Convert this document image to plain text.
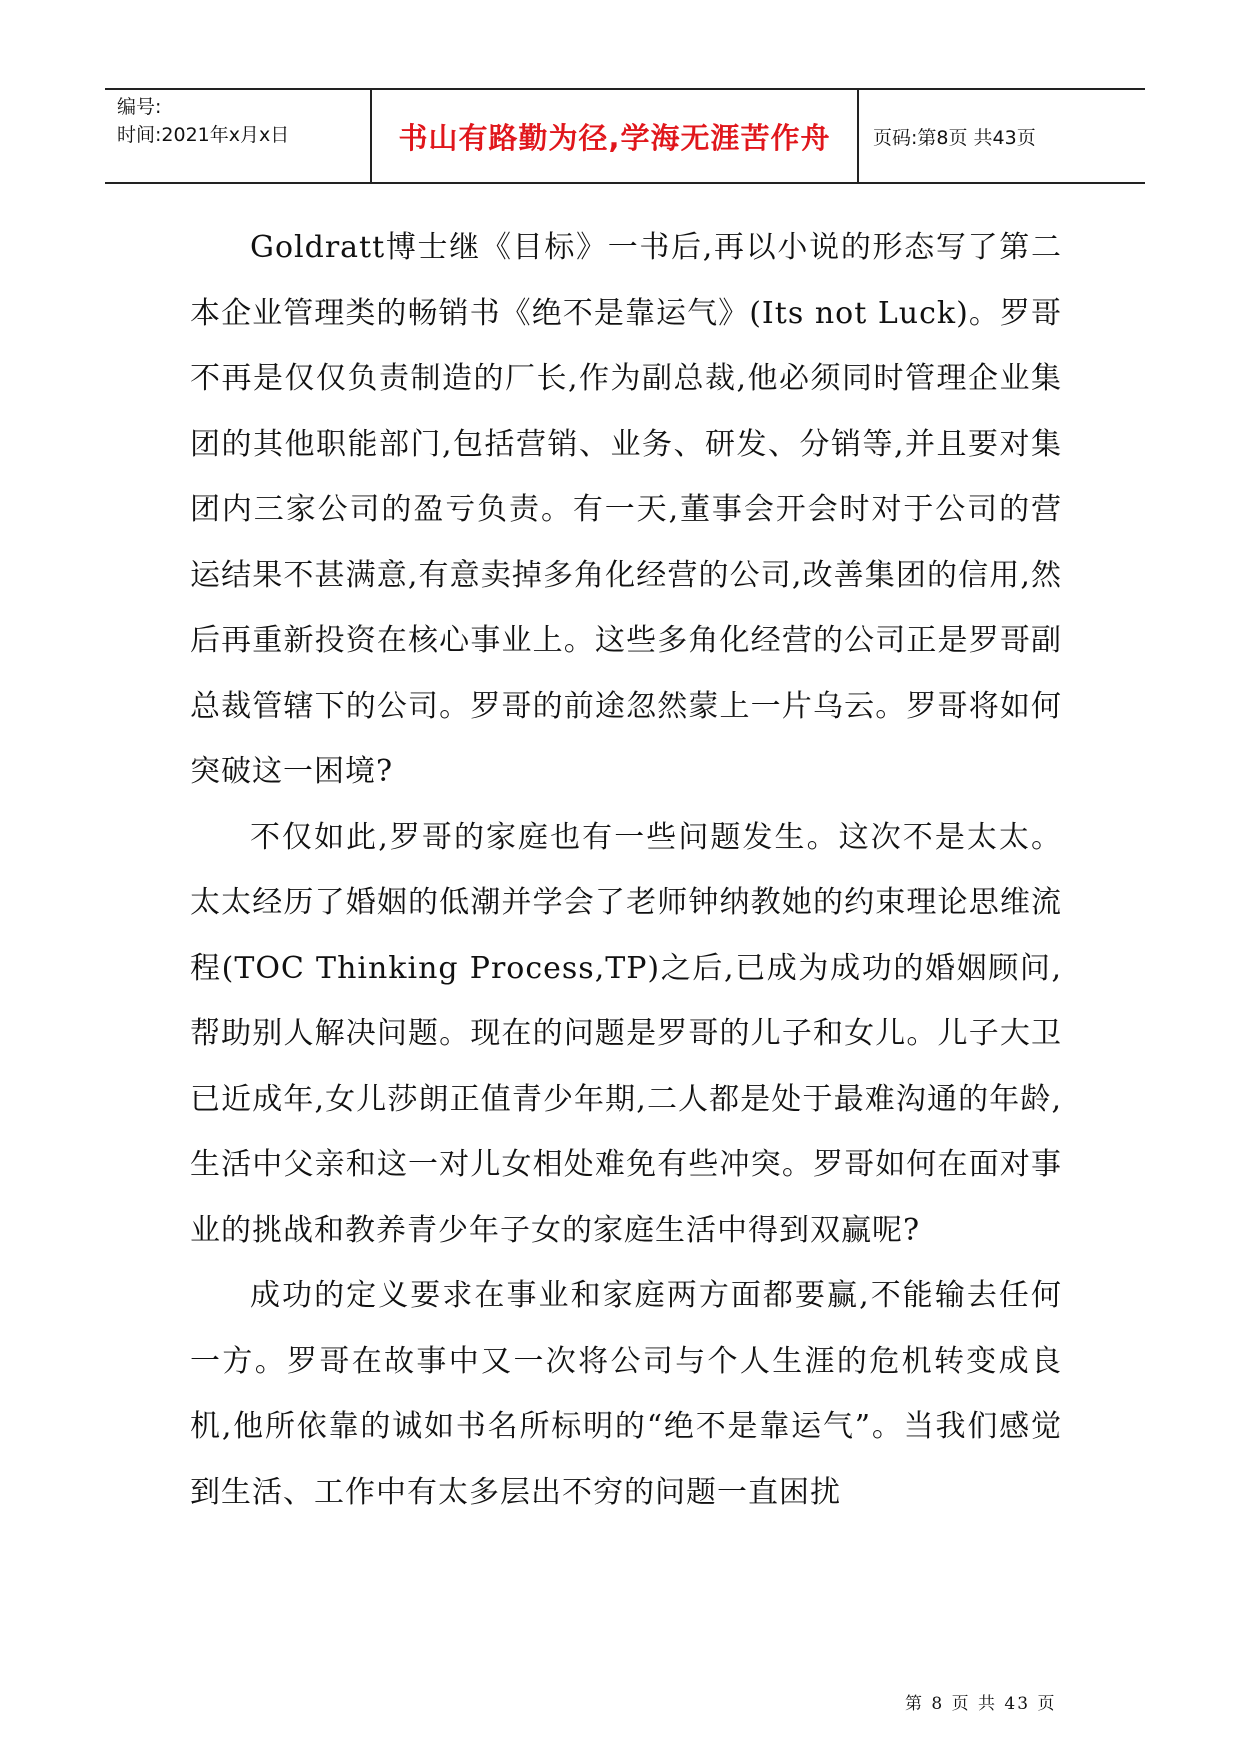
编号:
时间:2021年x月x日	书山有路勤为径,学海无涯苦作舟	页码:第8页 共43页

Goldratt博士继《目标》一书后,再以小说的形态写了第二本企业管理类的畅销书《绝不是靠运气》(Its not Luck)。罗哥不再是仅仅负责制造的厂长,作为副总裁,他必须同时管理企业集团的其他职能部门,包括营销、业务、研发、分销等,并且要对集团内三家公司的盈亏负责。有一天,董事会开会时对于公司的营运结果不甚满意,有意卖掉多角化经营的公司,改善集团的信用,然后再重新投资在核心事业上。这些多角化经营的公司正是罗哥副总裁管辖下的公司。罗哥的前途忽然蒙上一片乌云。罗哥将如何突破这一困境?

不仅如此,罗哥的家庭也有一些问题发生。这次不是太太。太太经历了婚姻的低潮并学会了老师钟纳教她的约束理论思维流程(TOC Thinking Process,TP)之后,已成为成功的婚姻顾问,帮助别人解决问题。现在的问题是罗哥的儿子和女儿。儿子大卫已近成年,女儿莎朗正值青少年期,二人都是处于最难沟通的年龄,生活中父亲和这一对儿女相处难免有些冲突。罗哥如何在面对事业的挑战和教养青少年子女的家庭生活中得到双赢呢?

成功的定义要求在事业和家庭两方面都要赢,不能输去任何一方。罗哥在故事中又一次将公司与个人生涯的危机转变成良机,他所依靠的诚如书名所标明的“绝不是靠运气”。当我们感觉到生活、工作中有太多层出不穷的问题一直困扰

第 8 页 共 43 页
